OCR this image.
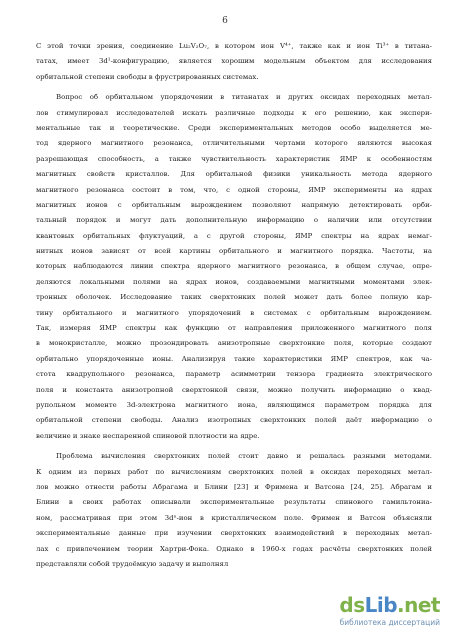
6
С этой точки зрения, соединение Lu₂V₂O₇, в котором ион V⁴⁺, также как и ион Ti³⁺ в титана-
татах, имеет 3d¹-конфигурацию, является хорошим модельным объектом для исследования
орбитальной степени свободы в фрустрированных системах.
Вопрос об орбитальном упорядочении в титанатах и других оксидах переходных метал-
лов стимулировал исследователей искать различные подходы к его решению, как экспери-
ментальные так и теоретические. Среди экспериментальных методов особо выделяется ме-
тод ядерного магнитного резонанса, отличительными чертами которого являются высокая
разрешающая способность, а также чувствительность характеристик ЯМР к особенностям
магнитных свойств кристаллов. Для орбитальной физики уникальность метода ядерного
магнитного резонанса состоит в том, что, с одной стороны, ЯМР эксперименты на ядрах
магнитных ионов с орбитальным вырождением позволяют напрямую детектировать орби-
тальный порядок и могут дать дополнительную информацию о наличии или отсутствии
квантовых орбитальных флуктуаций, а с другой стороны, ЯМР спектры на ядрах немаг-
нитных ионов зависят от всей картины орбитального и магнитного порядка. Частоты, на
которых наблюдаются линии спектра ядерного магнитного резонанса, в общем случае, опре-
деляются локальными полями на ядрах ионов, создаваемыми магнитными моментами элек-
тронных оболочек. Исследование таких сверхтонких полей может дать более полную кар-
тину орбитального и магнитного упорядочений в системах с орбитальным вырождением.
Так, измеряя ЯМР спектры как функцию от направления приложенного магнитного поля
в монокристалле, можно прозондировать анизотропные сверхтонкие поля, которые создают
орбитально упорядоченные ионы. Анализируя такие характеристики ЯМР спектров, как ча-
стота квадрупольного резонанса, параметр асимметрии тензора градиента электрического
поля и константа анизотропной сверхтонкой связи, можно получить информацию о квад-
рупольном моменте 3d-электрона магнитного иона, являющимся параметром порядка для
орбитальной степени свободы. Анализ изотропных сверхтонких полей даёт информацию о
величине и знаке неспаренной спиновой плотности на ядре.
Проблема вычисления сверхтонких полей стоит давно и решалась разными методами.
К одним из первых работ по вычислениям сверхтонких полей в оксидах переходных метал-
лов можно отнести работы Абрагама и Блини [23] и Фримена и Ватсона [24, 25]. Абрагам и
Блини в своих работах описывали экспериментальные результаты спинового гамильтониа-
ном, рассматривая при этом 3dⁿ-ион в кристаллическом поле. Фримен и Ватсон объясняли
экспериментальные данные при изучении сверхтонких взаимодействий в переходных метал-
лах с привлечением теории Хартри-Фока. Однако в 1960-х годах расчёты сверхтонких полей
представляли собой трудоёмкую задачу и выполнял
dsLib.net
библиотека диссертаций
